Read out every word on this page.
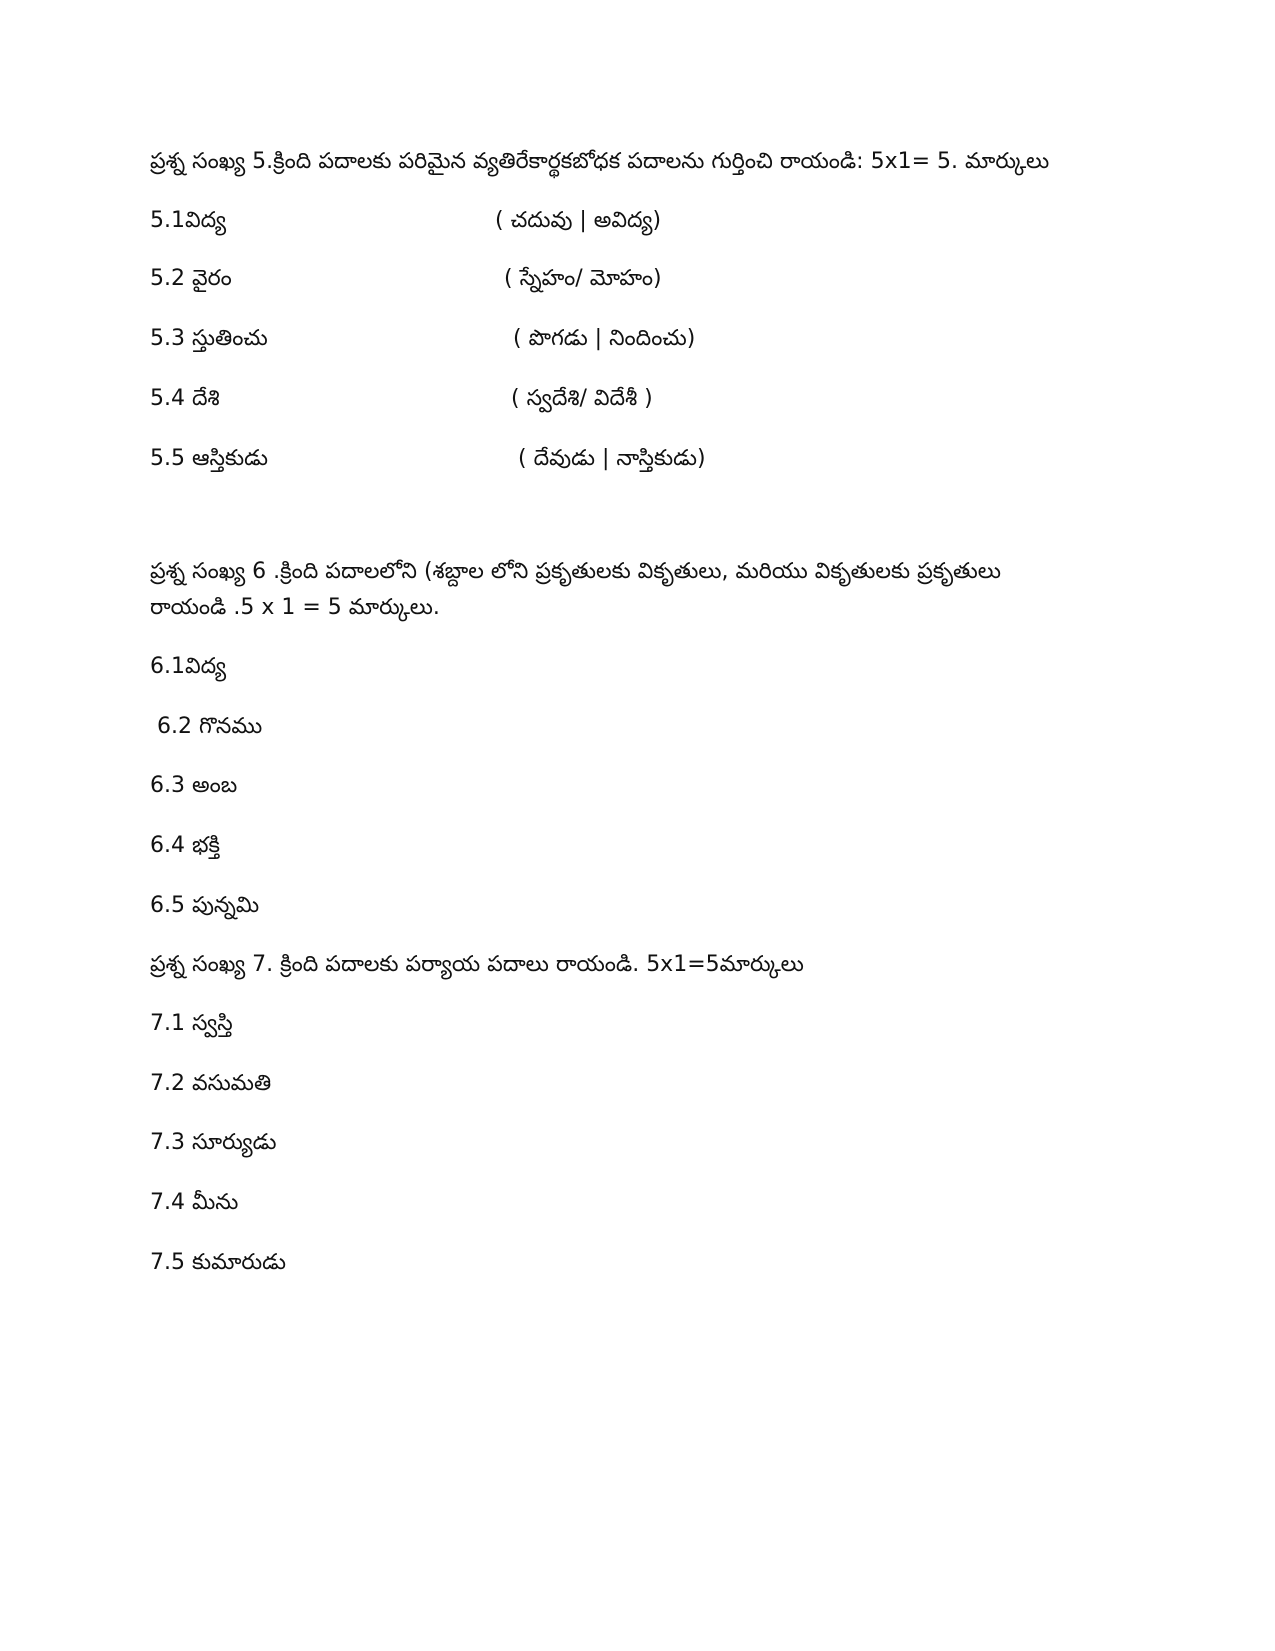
ప్రశ్న సంఖ్య 5.క్రింది పదాలకు పరిమైన వ్యతిరేకార్థకబోధక పదాలను గుర్తించి రాయండి: 5x1= 5. మార్కులు
5.1విద్య	( చదువు | అవిద్య)
5.2 వైరం	( స్నేహం/ మోహం)
5.3 స్తుతించు	( పొగడు | నిందించు)
5.4 దేశి	( స్వదేశి/ విదేశీ )
5.5 ఆస్తికుడు	( దేవుడు | నాస్తికుడు)
ప్రశ్న సంఖ్య 6 .క్రింది పదాలలోని (శబ్దాల లోని ప్రకృతులకు వికృతులు, మరియు వికృతులకు ప్రకృతులు
రాయండి .5 x 1 = 5 మార్కులు.
6.1విద్య
6.2 గొనము
6.3 అంబ
6.4 భక్తి
6.5 పున్నమి
ప్రశ్న సంఖ్య 7. క్రింది పదాలకు పర్యాయ పదాలు రాయండి. 5x1=5మార్కులు
7.1 స్వస్తి
7.2 వసుమతి
7.3 సూర్యుడు
7.4 మీను
7.5 కుమారుడు
